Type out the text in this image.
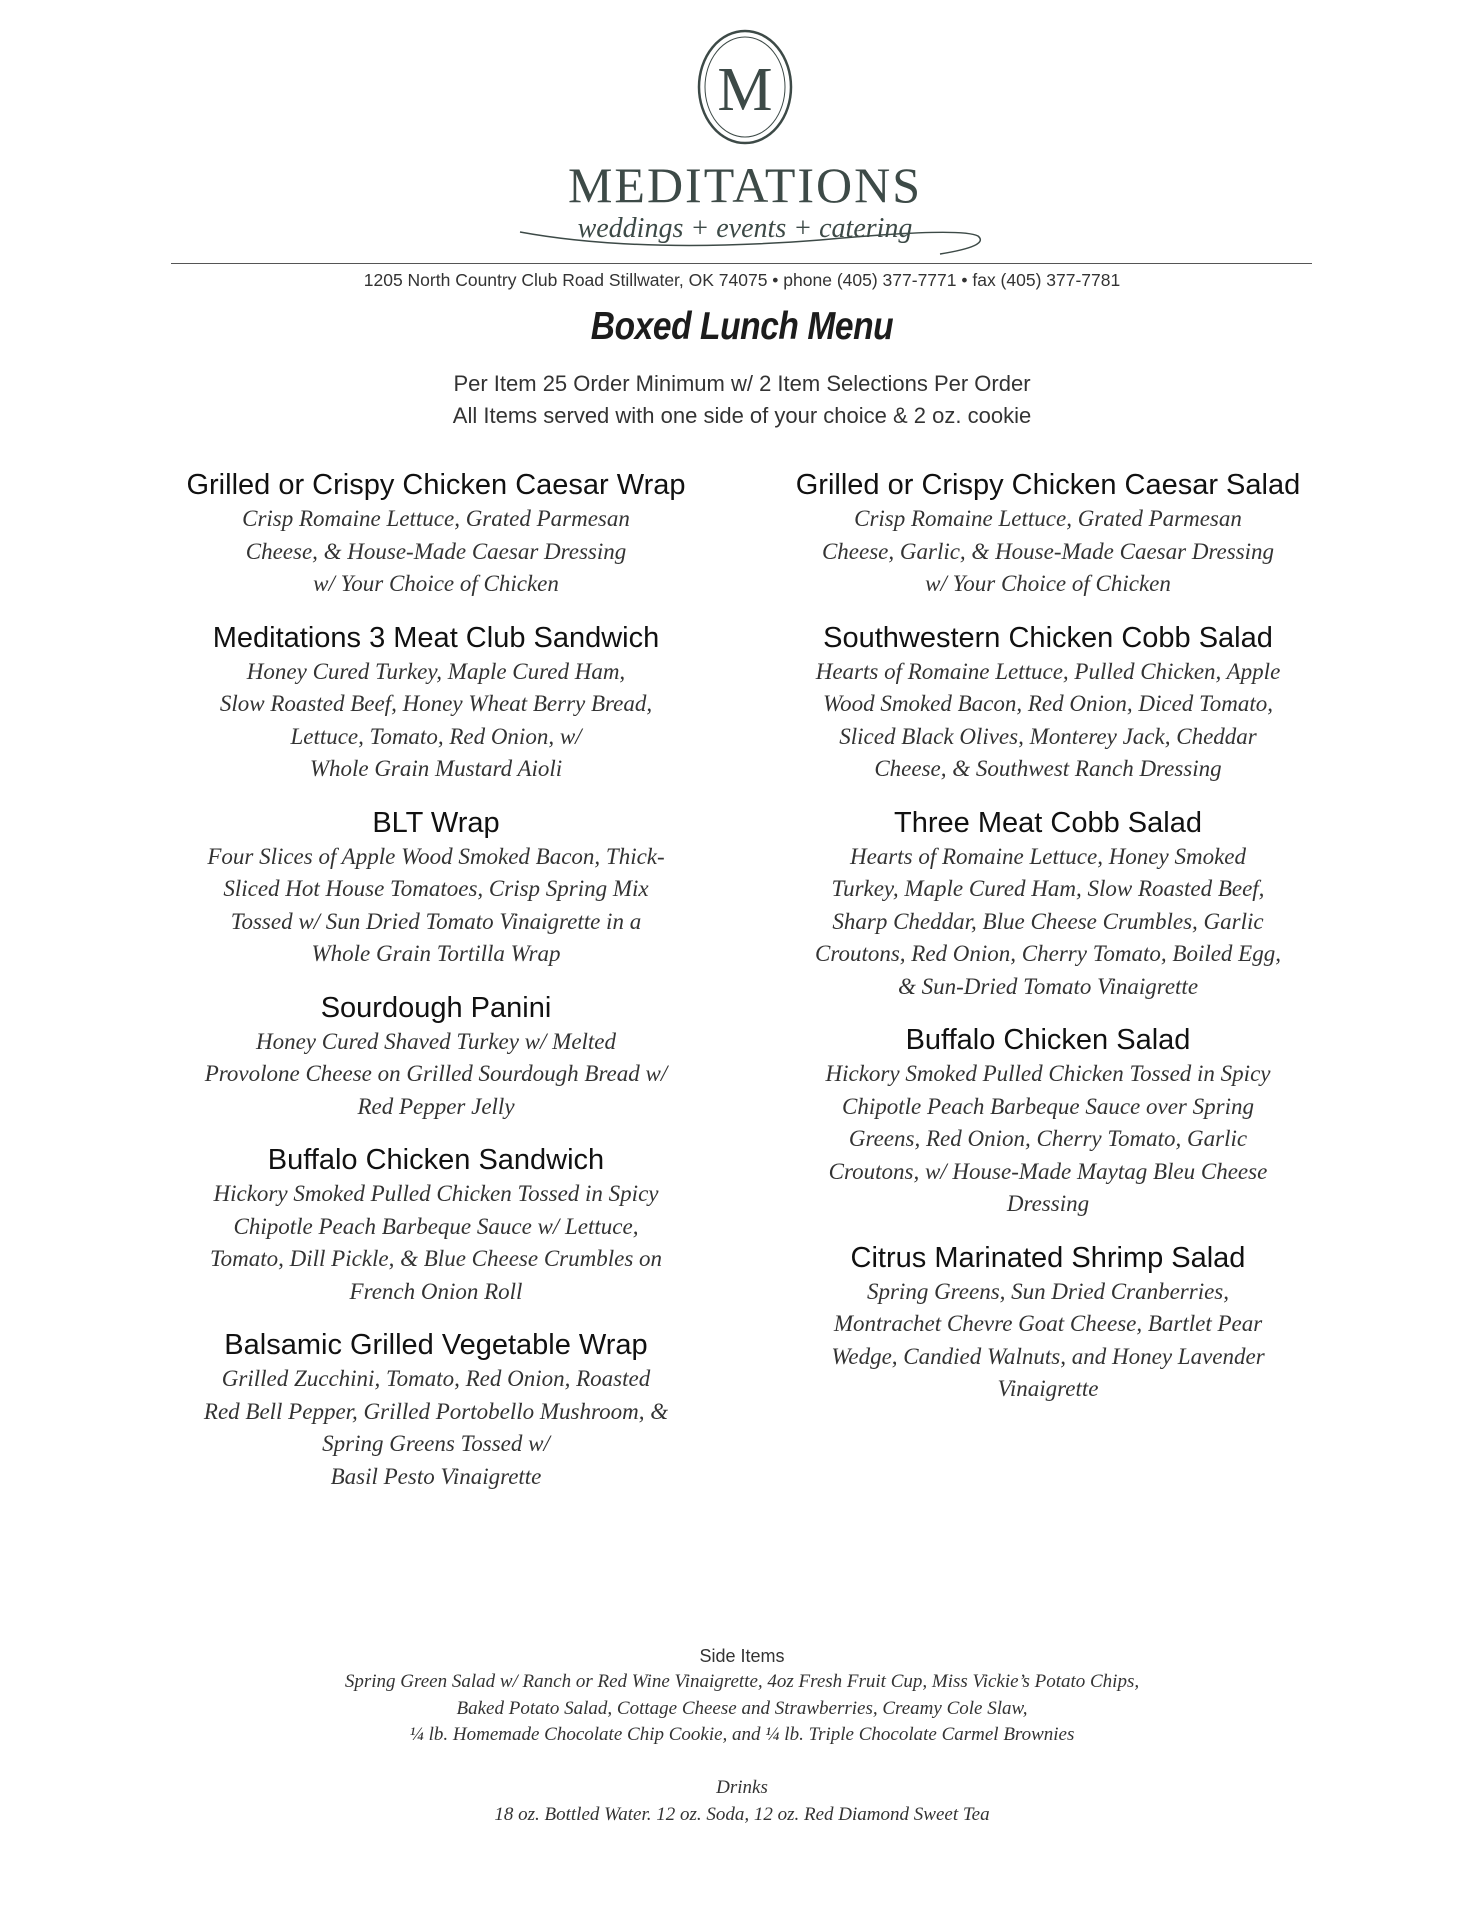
M
MEDITATIONS
weddings + events + catering
1205 North Country Club Road Stillwater, OK 74075 • phone (405) 377-7771 • fax (405) 377-7781
Boxed Lunch Menu
Per Item 25 Order Minimum w/ 2 Item Selections Per Order
All Items served with one side of your choice & 2 oz. cookie
Grilled or Crispy Chicken Caesar Wrap
Crisp Romaine Lettuce, Grated Parmesan
Cheese, & House-Made Caesar Dressing
w/ Your Choice of Chicken
Meditations 3 Meat Club Sandwich
Honey Cured Turkey, Maple Cured Ham,
Slow Roasted Beef, Honey Wheat Berry Bread,
Lettuce, Tomato, Red Onion, w/
Whole Grain Mustard Aioli
BLT Wrap
Four Slices of Apple Wood Smoked Bacon, Thick-
Sliced Hot House Tomatoes, Crisp Spring Mix
Tossed w/ Sun Dried Tomato Vinaigrette in a
Whole Grain Tortilla Wrap
Sourdough Panini
Honey Cured Shaved Turkey w/ Melted
Provolone Cheese on Grilled Sourdough Bread w/
Red Pepper Jelly
Buffalo Chicken Sandwich
Hickory Smoked Pulled Chicken Tossed in Spicy
Chipotle Peach Barbeque Sauce w/ Lettuce,
Tomato, Dill Pickle, & Blue Cheese Crumbles on
French Onion Roll
Balsamic Grilled Vegetable Wrap
Grilled Zucchini, Tomato, Red Onion, Roasted
Red Bell Pepper, Grilled Portobello Mushroom, &
Spring Greens Tossed w/
Basil Pesto Vinaigrette
Grilled or Crispy Chicken Caesar Salad
Crisp Romaine Lettuce, Grated Parmesan
Cheese, Garlic, & House-Made Caesar Dressing
w/ Your Choice of Chicken
Southwestern Chicken Cobb Salad
Hearts of Romaine Lettuce, Pulled Chicken, Apple
Wood Smoked Bacon, Red Onion, Diced Tomato,
Sliced Black Olives, Monterey Jack, Cheddar
Cheese, & Southwest Ranch Dressing
Three Meat Cobb Salad
Hearts of Romaine Lettuce, Honey Smoked
Turkey, Maple Cured Ham, Slow Roasted Beef,
Sharp Cheddar, Blue Cheese Crumbles, Garlic
Croutons, Red Onion, Cherry Tomato, Boiled Egg,
& Sun-Dried Tomato Vinaigrette
Buffalo Chicken Salad
Hickory Smoked Pulled Chicken Tossed in Spicy
Chipotle Peach Barbeque Sauce over Spring
Greens, Red Onion, Cherry Tomato, Garlic
Croutons, w/ House-Made Maytag Bleu Cheese
Dressing
Citrus Marinated Shrimp Salad
Spring Greens, Sun Dried Cranberries,
Montrachet Chevre Goat Cheese, Bartlet Pear
Wedge, Candied Walnuts, and Honey Lavender
Vinaigrette
Side Items
Spring Green Salad w/ Ranch or Red Wine Vinaigrette, 4oz Fresh Fruit Cup, Miss Vickie’s Potato Chips,
Baked Potato Salad, Cottage Cheese and Strawberries, Creamy Cole Slaw,
¼ lb. Homemade Chocolate Chip Cookie, and ¼ lb. Triple Chocolate Carmel Brownies
Drinks
18 oz. Bottled Water. 12 oz. Soda, 12 oz. Red Diamond Sweet Tea
